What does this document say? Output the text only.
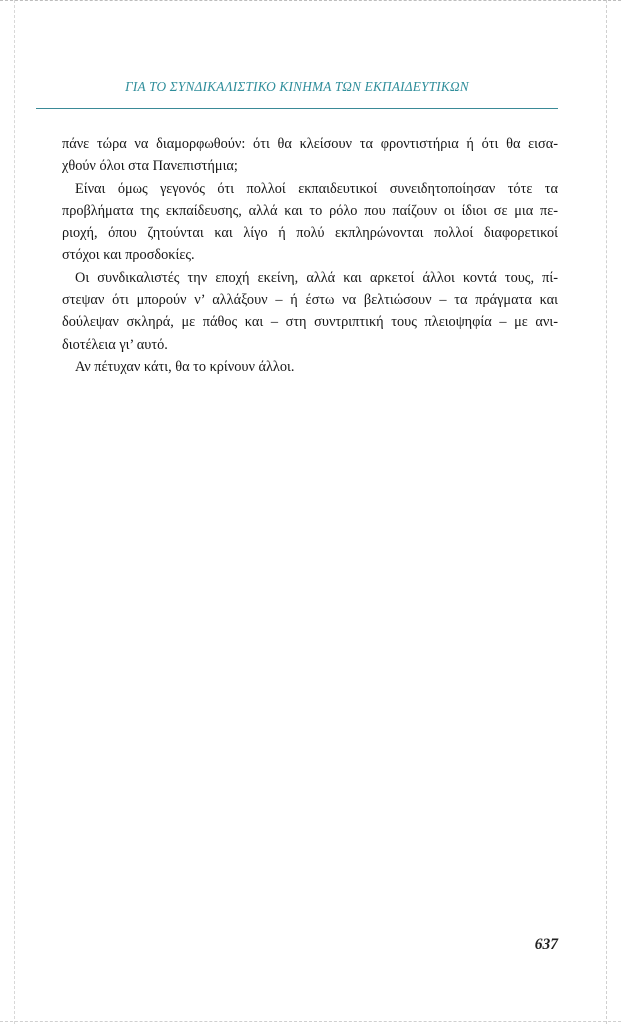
ΓΙΑ ΤΟ ΣΥΝΔΙΚΑΛΙΣΤΙΚΟ ΚΙΝΗΜΑ ΤΩΝ ΕΚΠΑΙΔΕΥΤΙΚΩΝ
πάνε τώρα να διαμορφωθούν: ότι θα κλείσουν τα φροντιστήρια ή ότι θα εισα-
χθούν όλοι στα Πανεπιστήμια;
Είναι όμως γεγονός ότι πολλοί εκπαιδευτικοί συνειδητοποίησαν τότε τα
προβλήματα της εκπαίδευσης, αλλά και το ρόλο που παίζουν οι ίδιοι σε μια πε-
ριοχή, όπου ζητούνται και λίγο ή πολύ εκπληρώνονται πολλοί διαφορετικοί
στόχοι και προσδοκίες.
Οι συνδικαλιστές την εποχή εκείνη, αλλά και αρκετοί άλλοι κοντά τους, πί-
στεψαν ότι μπορούν ν’ αλλάξουν – ή έστω να βελτιώσουν – τα πράγματα και
δούλεψαν σκληρά, με πάθος και – στη συντριπτική τους πλειοψηφία – με ανι-
διοτέλεια γι’ αυτό.
Αν πέτυχαν κάτι, θα το κρίνουν άλλοι.
637
